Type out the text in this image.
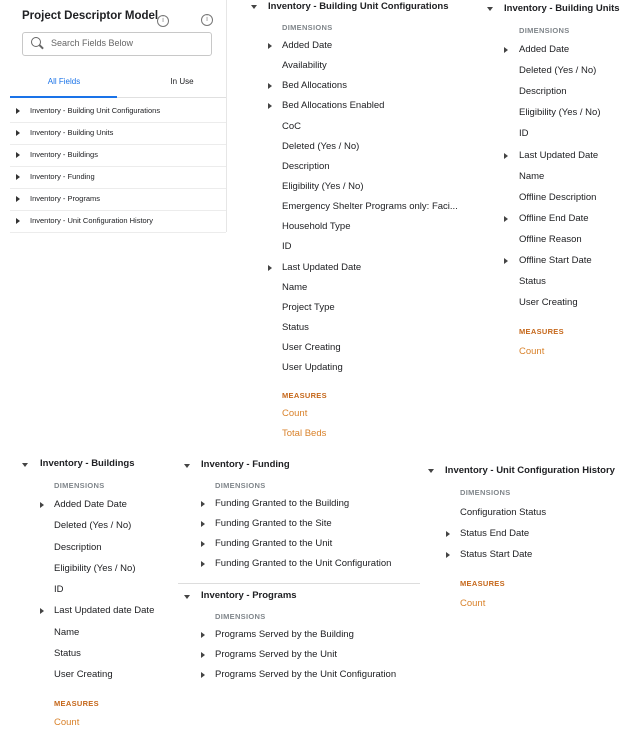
Project Descriptor Model i	i
Search Fields Below
All Fields	In Use
Inventory - Building Unit Configurations
Inventory - Building Units
Inventory - Buildings
Inventory - Funding
Inventory - Programs
Inventory - Unit Configuration History
Inventory - Building Unit Configurations
DIMENSIONS
Added Date
Availability
Bed Allocations
Bed Allocations Enabled
CoC
Deleted (Yes / No)
Description
Eligibility (Yes / No)
Emergency Shelter Programs only: Faci...
Household Type
ID
Last Updated Date
Name
Project Type
Status
User Creating
User Updating
MEASURES
Count
Total Beds
Inventory - Building Units
DIMENSIONS
Added Date
Deleted (Yes / No)
Description
Eligibility (Yes / No)
ID
Last Updated Date
Name
Offline Description
Offline End Date
Offline Reason
Offline Start Date
Status
User Creating
MEASURES
Count
Inventory - Buildings
DIMENSIONS
Added Date Date
Deleted (Yes / No)
Description
Eligibility (Yes / No)
ID
Last Updated date Date
Name
Status
User Creating
MEASURES
Count
Inventory - Funding
DIMENSIONS
Funding Granted to the Building
Funding Granted to the Site
Funding Granted to the Unit
Funding Granted to the Unit Configuration
Inventory - Programs
DIMENSIONS
Programs Served by the Building
Programs Served by the Unit
Programs Served by the Unit Configuration
Inventory - Unit Configuration History
DIMENSIONS
Configuration Status
Status End Date
Status Start Date
MEASURES
Count
